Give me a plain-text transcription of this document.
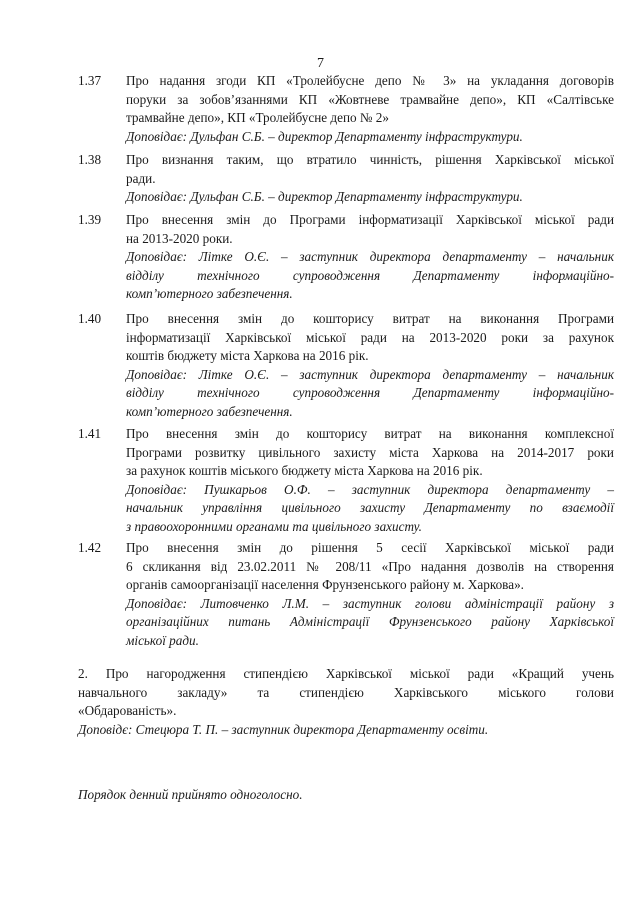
7
1.37	Про надання згоди КП «Тролейбусне депо № 3» на укладання договорів
поруки за зобов’язаннями КП «Жовтневе трамвайне депо», КП «Салтівське
трамвайне депо», КП «Тролейбусне депо № 2»
Доповідає: Дульфан С.Б. – директор Департаменту інфраструктури.
1.38	Про визнання таким, що втратило чинність, рішення Харківської міської
ради.
Доповідає: Дульфан С.Б. – директор Департаменту інфраструктури.
1.39	Про внесення змін до Програми інформатизації Харківської міської ради
на 2013-2020 роки.
Доповідає: Літке О.Є. – заступник директора департаменту – начальник
відділу технічного супроводження Департаменту інформаційно-
комп’ютерного забезпечення.
1.40	Про внесення змін до кошторису витрат на виконання Програми
інформатизації Харківської міської ради на 2013-2020 роки за рахунок
коштів бюджету міста Харкова на 2016 рік.
Доповідає: Літке О.Є. – заступник директора департаменту – начальник
відділу технічного супроводження Департаменту інформаційно-
комп’ютерного забезпечення.
1.41	Про внесення змін до кошторису витрат на виконання комплексної
Програми розвитку цивільного захисту міста Харкова на 2014-2017 роки
за рахунок коштів міського бюджету міста Харкова на 2016 рік.
Доповідає: Пушкарьов О.Ф. – заступник директора департаменту –
начальник управління цивільного захисту Департаменту по взаємодії
з правоохоронними органами та цивільного захисту.
1.42	Про внесення змін до рішення 5 сесії Харківської міської ради
6 скликання від 23.02.2011 № 208/11 «Про надання дозволів на створення
органів самоорганізації населення Фрунзенського району м. Харкова».
Доповідає: Литовченко Л.М. – заступник голови адміністрації району з
організаційних питань Адміністрації Фрунзенського району Харківської
міської ради.
2. Про нагородження стипендією Харківської міської ради «Кращий учень
навчального закладу» та стипендією Харківського міського голови
«Обдарованість».
Доповідє: Стецюра Т. П. – заступник директора Департаменту освіти.
Порядок денний прийнято одноголосно.
